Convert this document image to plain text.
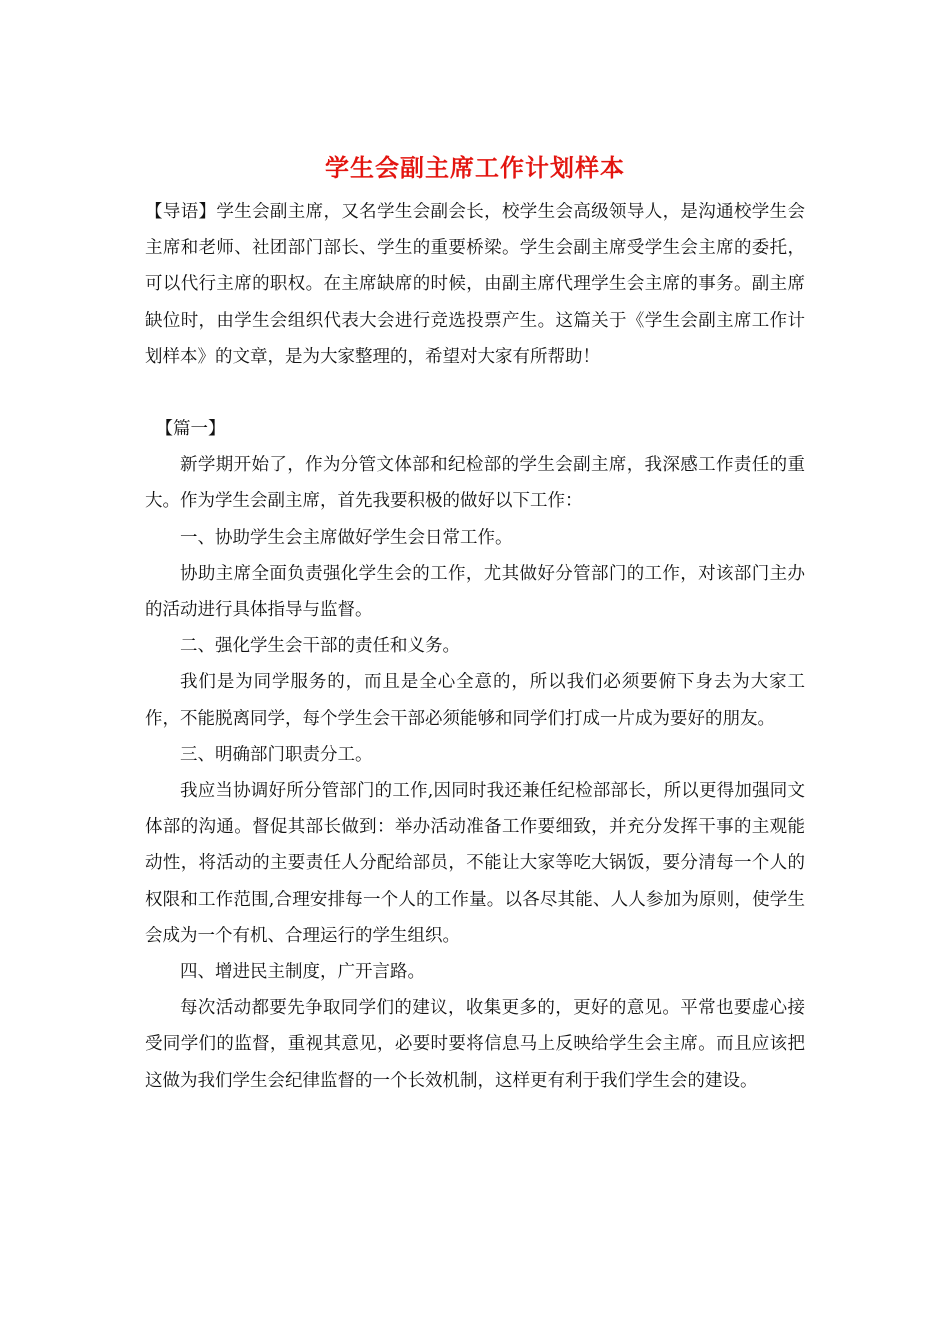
学生会副主席工作计划样本

【导语】学生会副主席，又名学生会副会长，校学生会高级领导人，是沟通校学生会主席和老师、社团部门部长、学生的重要桥梁。学生会副主席受学生会主席的委托，可以代行主席的职权。在主席缺席的时候，由副主席代理学生会主席的事务。副主席缺位时，由学生会组织代表大会进行竞选投票产生。这篇关于《学生会副主席工作计划样本》的文章，是为大家整理的，希望对大家有所帮助！

【篇一】

新学期开始了，作为分管文体部和纪检部的学生会副主席，我深感工作责任的重大。作为学生会副主席，首先我要积极的做好以下工作：

一、协助学生会主席做好学生会日常工作。

协助主席全面负责强化学生会的工作，尤其做好分管部门的工作，对该部门主办的活动进行具体指导与监督。

二、强化学生会干部的责任和义务。

我们是为同学服务的，而且是全心全意的，所以我们必须要俯下身去为大家工作，不能脱离同学，每个学生会干部必须能够和同学们打成一片成为要好的朋友。

三、明确部门职责分工。

我应当协调好所分管部门的工作,因同时我还兼任纪检部部长，所以更得加强同文体部的沟通。督促其部长做到：举办活动准备工作要细致，并充分发挥干事的主观能动性，将活动的主要责任人分配给部员，不能让大家等吃大锅饭，要分清每一个人的权限和工作范围,合理安排每一个人的工作量。以各尽其能、人人参加为原则，使学生会成为一个有机、合理运行的学生组织。

四、增进民主制度，广开言路。

每次活动都要先争取同学们的建议，收集更多的，更好的意见。平常也要虚心接受同学们的监督，重视其意见，必要时要将信息马上反映给学生会主席。而且应该把这做为我们学生会纪律监督的一个长效机制，这样更有利于我们学生会的建设。
